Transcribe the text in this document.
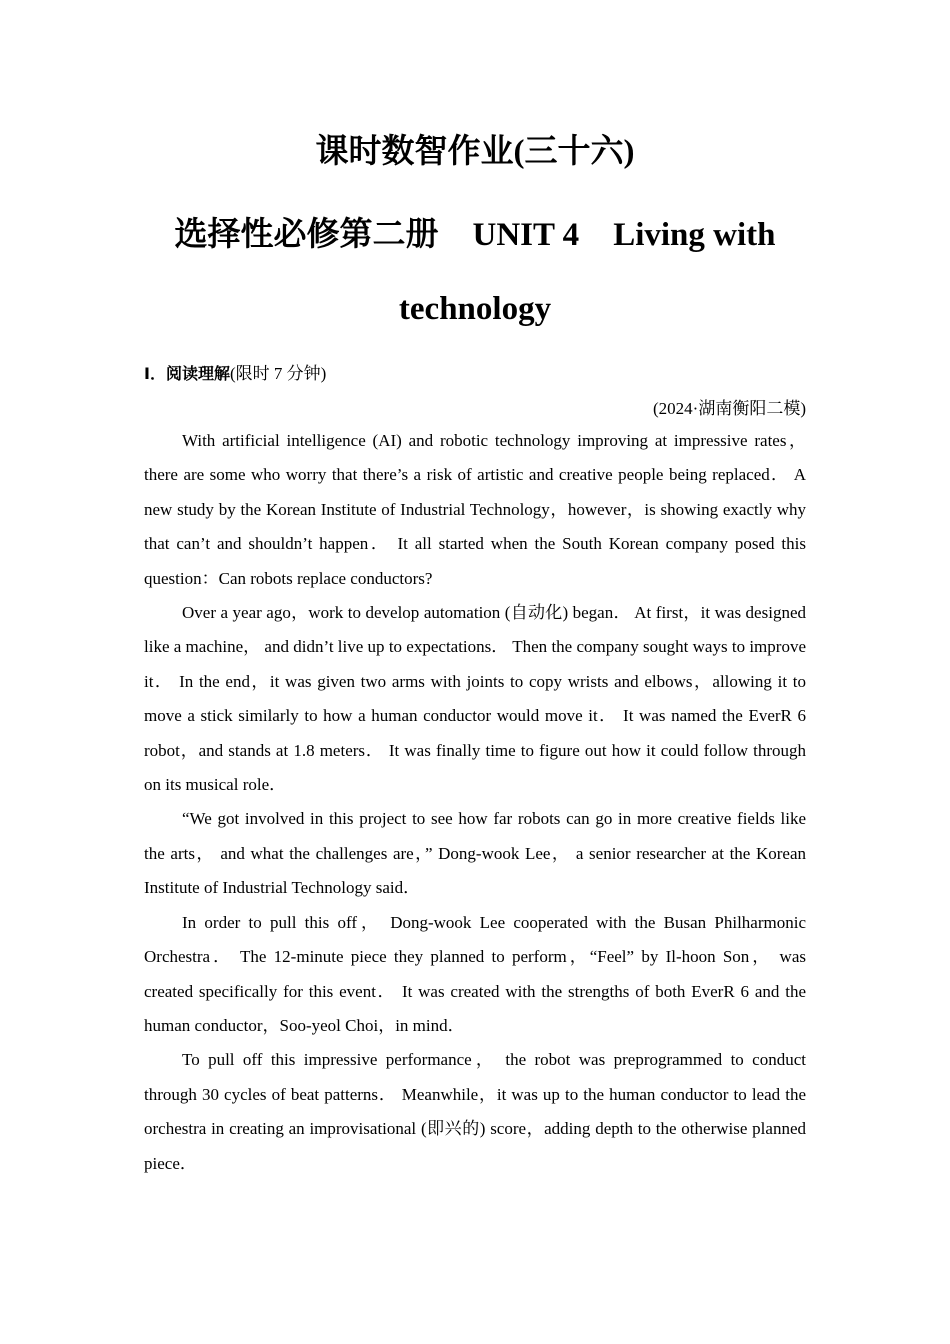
课时数智作业(三十六)
选择性必修第二册 UNIT 4 Living with technology
Ⅰ．阅读理解(限时 7 分钟)
(2024·湖南衡阳二模)

With artificial intelligence (AI) and robotic technology improving at impressive rates，there are some who worry that there’s a risk of artistic and creative people being replaced． A new study by the Korean Institute of Industrial Technology，however，is showing exactly why that can’t and shouldn’t happen． It all started when the South Korean company posed this question：Can robots replace conductors?

Over a year ago，work to develop automation (自动化) began． At first，it was designed like a machine， and didn’t live up to expectations． Then the company sought ways to improve it． In the end，it was given two arms with joints to copy wrists and elbows，allowing it to move a stick similarly to how a human conductor would move it． It was named the EverR 6 robot，and stands at 1.8 meters． It was finally time to figure out how it could follow through on its musical role．

“We got involved in this project to see how far robots can go in more creative fields like the arts， and what the challenges are，” Dong-wook Lee， a senior researcher at the Korean Institute of Industrial Technology said．

In order to pull this off， Dong-wook Lee cooperated with the Busan Philharmonic Orchestra． The 12-minute piece they planned to perform，“Feel” by Il-hoon Son， was created specifically for this event． It was created with the strengths of both EverR 6 and the human conductor，Soo-yeol Choi，in mind．

To pull off this impressive performance， the robot was preprogrammed to conduct through 30 cycles of beat patterns． Meanwhile，it was up to the human conductor to lead the orchestra in creating an improvisational (即兴的) score，adding depth to the otherwise planned piece．
